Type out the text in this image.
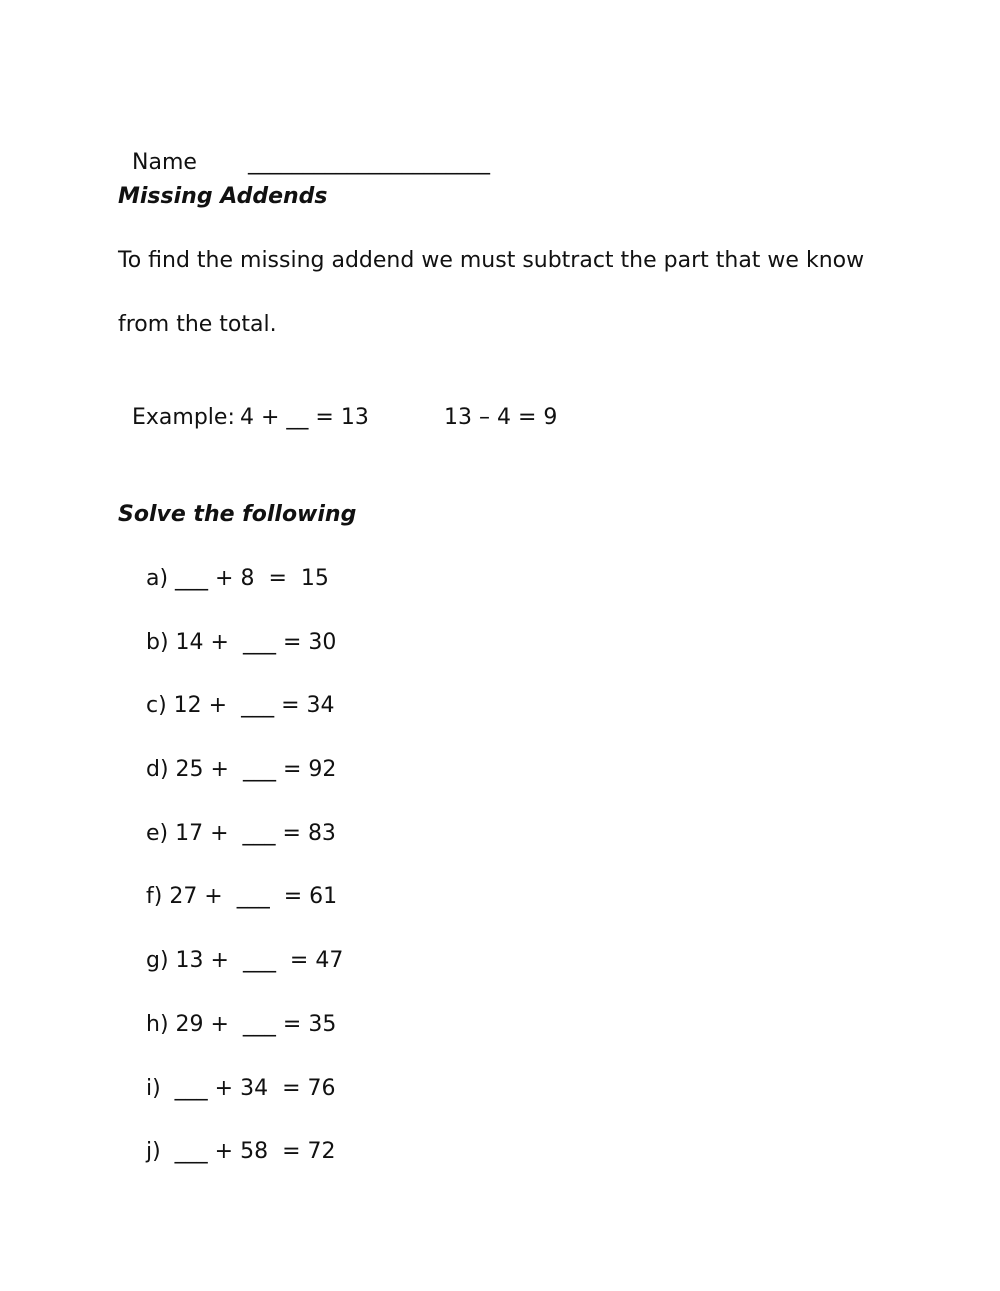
Name ______________________

Missing Addends
To find the missing addend we must subtract the part that we know
from the total.

Example: 4 + __ = 13	13 – 4 = 9

Solve the following
a) ___ + 8  =  15
b) 14 +  ___ = 30
c) 12 +  ___ = 34
d) 25 +  ___ = 92
e) 17 +  ___ = 83
f) 27 +  ___  = 61
g) 13 +  ___  = 47
h) 29 +  ___ = 35
i)  ___ + 34  = 76
j)  ___ + 58  = 72
